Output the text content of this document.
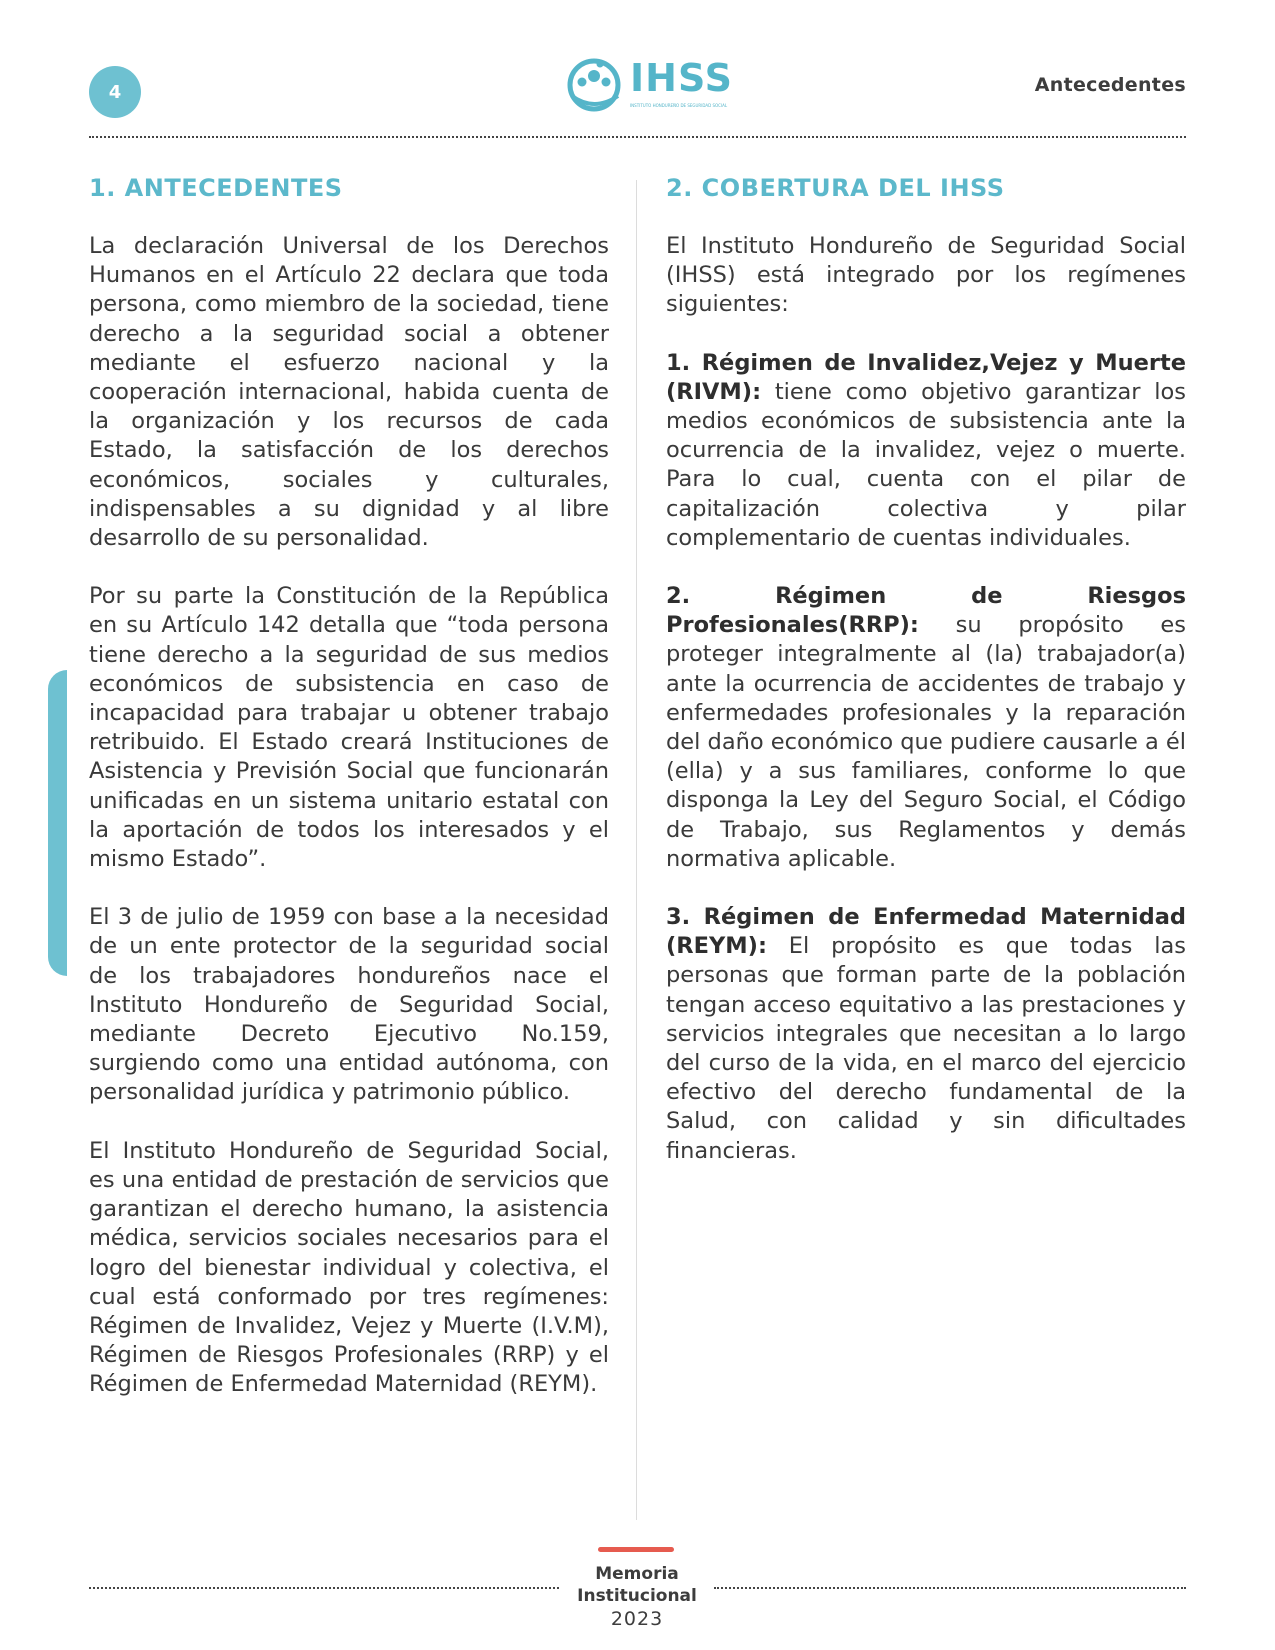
4	IHSS
INSTITUTO HONDUREÑO DE SEGURIDAD SOCIAL
Antecedentes
1. ANTECEDENTES

La declaración Universal de los Derechos Humanos en el Artículo 22 declara que toda persona, como miembro de la sociedad, tiene derecho a la seguridad social a obtener mediante el esfuerzo nacional y la cooperación internacional, habida cuenta de la organización y los recursos de cada Estado, la satisfacción de los derechos económicos, sociales y culturales, indispensables a su dignidad y al libre desarrollo de su personalidad.

Por su parte la Constitución de la República en su Artículo 142 detalla que “toda persona tiene derecho a la seguridad de sus medios económicos de subsistencia en caso de incapacidad para trabajar u obtener trabajo retribuido. El Estado creará Instituciones de Asistencia y Previsión Social que funcionarán unificadas en un sistema unitario estatal con la aportación de todos los interesados y el mismo Estado”.

El 3 de julio de 1959 con base a la necesidad de un ente protector de la seguridad social de los trabajadores hondureños nace el Instituto Hondureño de Seguridad Social, mediante Decreto Ejecutivo No.159, surgiendo como una entidad autónoma, con personalidad jurídica y patrimonio público.

El Instituto Hondureño de Seguridad Social, es una entidad de prestación de servicios que garantizan el derecho humano, la asistencia médica, servicios sociales necesarios para el logro del bienestar individual y colectiva, el cual está conformado por tres regímenes: Régimen de Invalidez, Vejez y Muerte (I.V.M), Régimen de Riesgos Profesionales (RRP) y el Régimen de Enfermedad Maternidad (REYM).

2. COBERTURA DEL IHSS

El Instituto Hondureño de Seguridad Social (IHSS) está integrado por los regímenes siguientes:

1. Régimen de Invalidez,Vejez y Muerte (RIVM): tiene como objetivo garantizar los medios económicos de subsistencia ante la ocurrencia de la invalidez, vejez o muerte. Para lo cual, cuenta con el pilar de capitalización colectiva y pilar complementario de cuentas individuales.

2. Régimen de Riesgos Profesionales(RRP): su propósito es proteger integralmente al (la) trabajador(a) ante la ocurrencia de accidentes de trabajo y enfermedades profesionales y la reparación del daño económico que pudiere causarle a él (ella) y a sus familiares, conforme lo que disponga la Ley del Seguro Social, el Código de Trabajo, sus Reglamentos y demás normativa aplicable.

3. Régimen de Enfermedad Maternidad (REYM): El propósito es que todas las personas que forman parte de la población tengan acceso equitativo a las prestaciones y servicios integrales que necesitan a lo largo del curso de la vida, en el marco del ejercicio efectivo del derecho fundamental de la Salud, con calidad y sin dificultades financieras.

Memoria
Institucional
2023
